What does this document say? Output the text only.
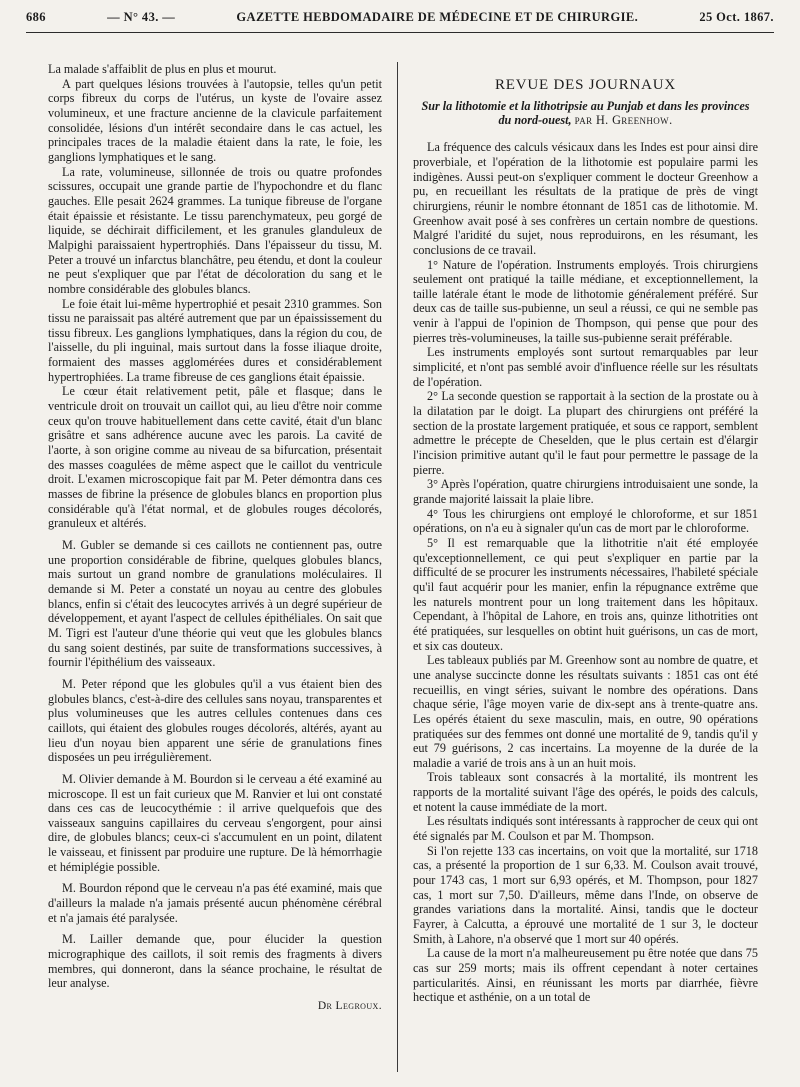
686	— N° 43. —	GAZETTE HEBDOMADAIRE DE MÉDECINE ET DE CHIRURGIE.	25 Oct. 1867.

La malade s'affaiblit de plus en plus et mourut.

A part quelques lésions trouvées à l'autopsie, telles qu'un petit corps fibreux du corps de l'utérus, un kyste de l'ovaire assez volumineux, et une fracture ancienne de la clavicule parfaitement consolidée, lésions d'un intérêt secondaire dans le cas actuel, les principales traces de la maladie étaient dans la rate, le foie, les ganglions lymphatiques et le sang.

La rate, volumineuse, sillonnée de trois ou quatre profondes scissures, occupait une grande partie de l'hypochondre et du flanc gauches. Elle pesait 2624 grammes. La tunique fibreuse de l'organe était épaissie et résistante. Le tissu parenchymateux, peu gorgé de liquide, se déchirait difficilement, et les granules glanduleux de Malpighi paraissaient hypertrophiés. Dans l'épaisseur du tissu, M. Peter a trouvé un infarctus blanchâtre, peu étendu, et dont la couleur ne peut s'expliquer que par l'état de décoloration du sang et le nombre considérable des globules blancs.

Le foie était lui-même hypertrophié et pesait 2310 grammes. Son tissu ne paraissait pas altéré autrement que par un épaississement du tissu fibreux. Les ganglions lymphatiques, dans la région du cou, de l'aisselle, du pli inguinal, mais surtout dans la fosse iliaque droite, formaient des masses agglomérées dures et considérablement hypertrophiées. La trame fibreuse de ces ganglions était épaissie.

Le cœur était relativement petit, pâle et flasque; dans le ventricule droit on trouvait un caillot qui, au lieu d'être noir comme ceux qu'on trouve habituellement dans cette cavité, était d'un blanc grisâtre et sans adhérence aucune avec les parois. La cavité de l'aorte, à son origine comme au niveau de sa bifurcation, présentait des masses coagulées de même aspect que le caillot du ventricule droit. L'examen microscopique fait par M. Peter démontra dans ces masses de fibrine la présence de globules blancs en proportion plus considérable qu'à l'état normal, et de globules rouges décolorés, granuleux et altérés.

M. Gubler se demande si ces caillots ne contiennent pas, outre une proportion considérable de fibrine, quelques globules blancs, mais surtout un grand nombre de granulations moléculaires. Il demande si M. Peter a constaté un noyau au centre des globules blancs, enfin si c'était des leucocytes arrivés à un degré supérieur de développement, et ayant l'aspect de cellules épithéliales. On sait que M. Tigri est l'auteur d'une théorie qui veut que les globules blancs du sang soient destinés, par suite de transformations successives, à fournir l'épithélium des vaisseaux.

M. Peter répond que les globules qu'il a vus étaient bien des globules blancs, c'est-à-dire des cellules sans noyau, transparentes et plus volumineuses que les autres cellules contenues dans ces caillots, qui étaient des globules rouges décolorés, altérés, ayant au lieu d'un noyau bien apparent une série de granulations fines disposées un peu irrégulièrement.

M. Olivier demande à M. Bourdon si le cerveau a été examiné au microscope. Il est un fait curieux que M. Ranvier et lui ont constaté dans ces cas de leucocythémie : il arrive quelquefois que des vaisseaux sanguins capillaires du cerveau s'engorgent, pour ainsi dire, de globules blancs; ceux-ci s'accumulent en un point, dilatent le vaisseau, et finissent par produire une rupture. De là hémorrhagie et hémiplégie possible.

M. Bourdon répond que le cerveau n'a pas été examiné, mais que d'ailleurs la malade n'a jamais présenté aucun phénomène cérébral et n'a jamais été paralysée.

M. Lailler demande que, pour élucider la question micrographique des caillots, il soit remis des fragments à divers membres, qui donneront, dans la séance prochaine, le résultat de leur analyse.

Dr Legroux.
REVUE DES JOURNAUX
Sur la lithotomie et la lithotripsie au Punjab et dans les provinces du nord-ouest, par H. Greenhow.

La fréquence des calculs vésicaux dans les Indes est pour ainsi dire proverbiale, et l'opération de la lithotomie est populaire parmi les indigènes. Aussi peut-on s'expliquer comment le docteur Greenhow a pu, en recueillant les résultats de la pratique de près de vingt chirurgiens, réunir le nombre étonnant de 1851 cas de lithotomie. M. Greenhow avait posé à ses confrères un certain nombre de questions. Malgré l'aridité du sujet, nous reproduirons, en les résumant, les conclusions de ce travail.

1° Nature de l'opération. Instruments employés. Trois chirurgiens seulement ont pratiqué la taille médiane, et exceptionnellement, la taille latérale étant le mode de lithotomie généralement préféré. Sur deux cas de taille sus-pubienne, un seul a réussi, ce qui ne semble pas venir à l'appui de l'opinion de Thompson, qui pense que pour des pierres très-volumineuses, la taille sus-pubienne serait préférable.

Les instruments employés sont surtout remarquables par leur simplicité, et n'ont pas semblé avoir d'influence réelle sur les résultats de l'opération.

2° La seconde question se rapportait à la section de la prostate ou à la dilatation par le doigt. La plupart des chirurgiens ont préféré la section de la prostate largement pratiquée, et sous ce rapport, semblent admettre le précepte de Cheselden, que le plus certain est d'élargir l'incision primitive autant qu'il le faut pour permettre le passage de la pierre.

3° Après l'opération, quatre chirurgiens introduisaient une sonde, la grande majorité laissait la plaie libre.

4° Tous les chirurgiens ont employé le chloroforme, et sur 1851 opérations, on n'a eu à signaler qu'un cas de mort par le chloroforme.

5° Il est remarquable que la lithotritie n'ait été employée qu'exceptionnellement, ce qui peut s'expliquer en partie par la difficulté de se procurer les instruments nécessaires, l'habileté spéciale qu'il faut acquérir pour les manier, enfin la répugnance extrême que les naturels montrent pour un long traitement dans les hôpitaux. Cependant, à l'hôpital de Lahore, en trois ans, quinze lithotrities ont été pratiquées, sur lesquelles on obtint huit guérisons, un cas de mort, et six cas douteux.

Les tableaux publiés par M. Greenhow sont au nombre de quatre, et une analyse succincte donne les résultats suivants : 1851 cas ont été recueillis, en vingt séries, suivant le nombre des opérations. Dans chaque série, l'âge moyen varie de dix-sept ans à trente-quatre ans. Les opérés étaient du sexe masculin, mais, en outre, 90 opérations pratiquées sur des femmes ont donné une mortalité de 9, tandis qu'il y eut 79 guérisons, 2 cas incertains. La moyenne de la durée de la maladie a varié de trois ans à un an huit mois.

Trois tableaux sont consacrés à la mortalité, ils montrent les rapports de la mortalité suivant l'âge des opérés, le poids des calculs, et notent la cause immédiate de la mort.

Les résultats indiqués sont intéressants à rapprocher de ceux qui ont été signalés par M. Coulson et par M. Thompson.

Si l'on rejette 133 cas incertains, on voit que la mortalité, sur 1718 cas, a présenté la proportion de 1 sur 6,33. M. Coulson avait trouvé, pour 1743 cas, 1 mort sur 6,93 opérés, et M. Thompson, pour 1827 cas, 1 mort sur 7,50. D'ailleurs, même dans l'Inde, on observe de grandes variations dans la mortalité. Ainsi, tandis que le docteur Fayrer, à Calcutta, a éprouvé une mortalité de 1 sur 3, le docteur Smith, à Lahore, n'a observé que 1 mort sur 40 opérés.

La cause de la mort n'a malheureusement pu être notée que dans 75 cas sur 259 morts; mais ils offrent cependant à noter certaines particularités. Ainsi, en réunissant les morts par diarrhée, fièvre hectique et asthénie, on a un total de
